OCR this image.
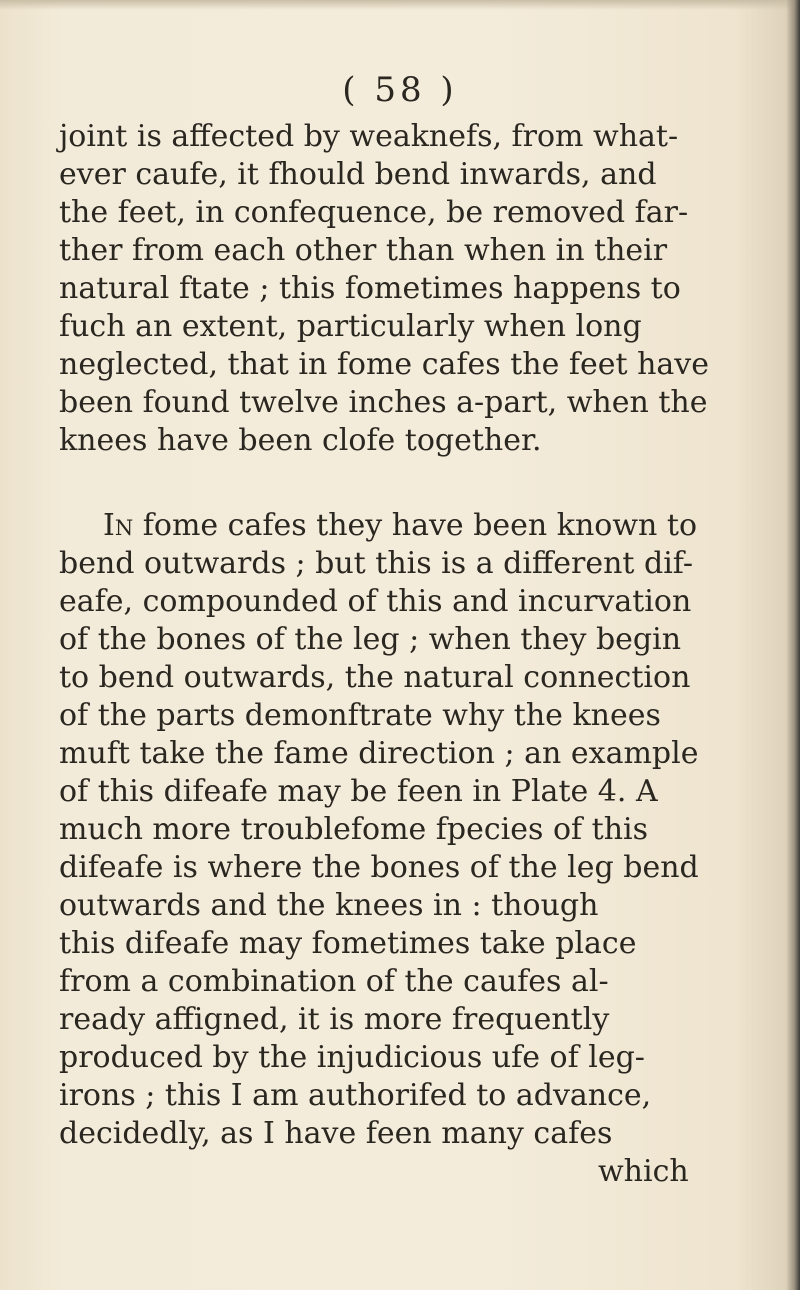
( 58 )
joint is affected by weaknefs, from what-
ever caufe, it fhould bend inwards, and
the feet, in confequence, be removed far-
ther from each other than when in their
natural ftate ; this fometimes happens to
fuch an extent, particularly when long
neglected, that in fome cafes the feet have
been found twelve inches a-part, when the
knees have been clofe together.
In fome cafes they have been known to
bend outwards ; but this is a different dif-
eafe, compounded of this and incurvation
of the bones of the leg ; when they begin
to bend outwards, the natural connection
of the parts demonftrate why the knees
muft take the fame direction ; an example
of this difeafe may be feen in Plate 4. A
much more troublefome fpecies of this
difeafe is where the bones of the leg bend
outwards and the knees in : though
this difeafe may fometimes take place
from a combination of the caufes al-
ready affigned, it is more frequently
produced by the injudicious ufe of leg-
irons ; this I am authorifed to advance,
decidedly, as I have feen many cafes
which
